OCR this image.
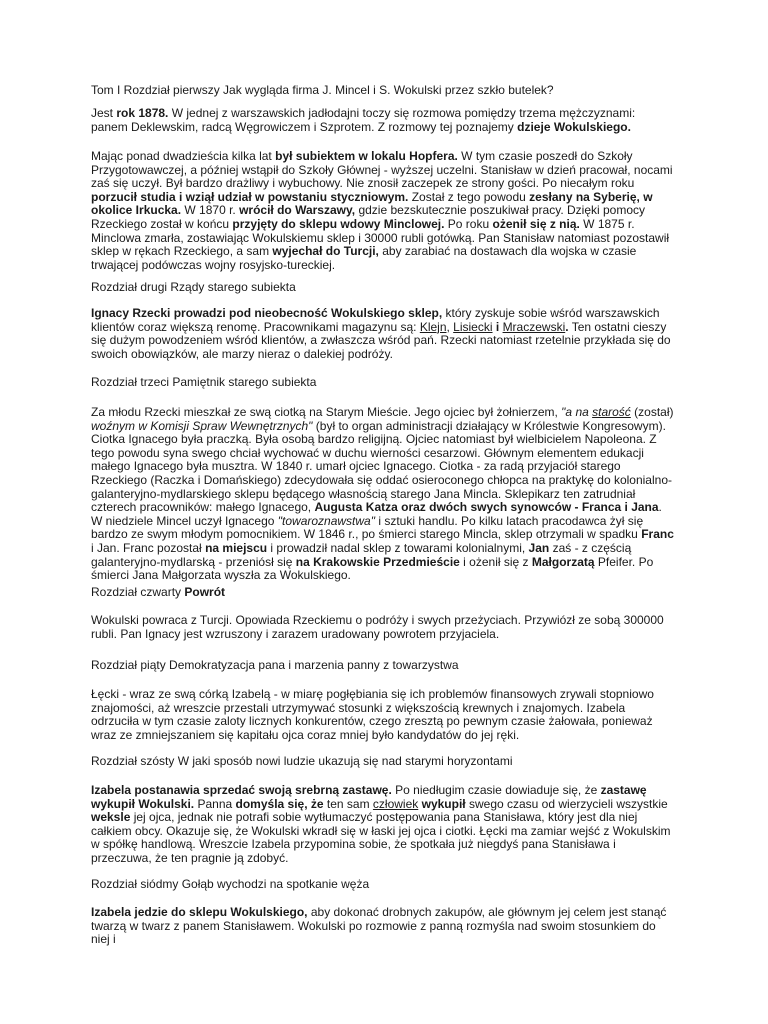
Tom I Rozdział pierwszy Jak wygląda firma J. Mincel i S. Wokulski przez szkło butelek?

Jest rok 1878. W jednej z warszawskich jadłodajni toczy się rozmowa pomiędzy trzema mężczyznami: panem Deklewskim, radcą Węgrowiczem i Szprotem. Z rozmowy tej poznajemy dzieje Wokulskiego.

Mając ponad dwadzieścia kilka lat był subiektem w lokalu Hopfera. W tym czasie poszedł do Szkoły Przygotowawczej, a później wstąpił do Szkoły Głównej - wyższej uczelni. Stanisław w dzień pracował, nocami zaś się uczył. Był bardzo drażliwy i wybuchowy. Nie znosił zaczepek ze strony gości. Po niecałym roku porzucił studia i wziął udział w powstaniu styczniowym. Został z tego powodu zesłany na Syberię, w okolice Irkucka. W 1870 r. wrócił do Warszawy, gdzie bezskutecznie poszukiwał pracy. Dzięki pomocy Rzeckiego został w końcu przyjęty do sklepu wdowy Minclowej. Po roku ożenił się z nią. W 1875 r. Minclowa zmarła, zostawiając Wokulskiemu sklep i 30000 rubli gotówką. Pan Stanisław natomiast pozostawił sklep w rękach Rzeckiego, a sam wyjechał do Turcji, aby zarabiać na dostawach dla wojska w czasie trwającej podówczas wojny rosyjsko-tureckiej.

Rozdział drugi Rządy starego subiekta

Ignacy Rzecki prowadzi pod nieobecność Wokulskiego sklep, który zyskuje sobie wśród warszawskich klientów coraz większą renomę. Pracownikami magazynu są: Klejn, Lisiecki i Mraczewski. Ten ostatni cieszy się dużym powodzeniem wśród klientów, a zwłaszcza wśród pań. Rzecki natomiast rzetelnie przykłada się do swoich obowiązków, ale marzy nieraz o dalekiej podróży.

Rozdział trzeci Pamiętnik starego subiekta

Za młodu Rzecki mieszkał ze swą ciotką na Starym Mieście. Jego ojciec był żołnierzem, "a na starość (został) woźnym w Komisji Spraw Wewnętrznych" (był to organ administracji działający w Królestwie Kongresowym). Ciotka Ignacego była praczką. Była osobą bardzo religijną. Ojciec natomiast był wielbicielem Napoleona. Z tego powodu syna swego chciał wychować w duchu wierności cesarzowi. Głównym elementem edukacji małego Ignacego była musztra. W 1840 r. umarł ojciec Ignacego. Ciotka - za radą przyjaciół starego Rzeckiego (Raczka i Domańskiego) zdecydowała się oddać osieroconego chłopca na praktykę do kolonialno-galanteryjno-mydlarskiego sklepu będącego własnością starego Jana Mincla. Sklepikarz ten zatrudniał czterech pracowników: małego Ignacego, Augusta Katza oraz dwóch swych synowców - Franca i Jana. W niedziele Mincel uczył Ignacego "towaroznawstwa" i sztuki handlu. Po kilku latach pracodawca żył się bardzo ze swym młodym pomocnikiem. W 1846 r., po śmierci starego Mincla, sklep otrzymali w spadku Franc i Jan. Franc pozostał na miejscu i prowadził nadal sklep z towarami kolonialnymi, Jan zaś - z częścią galanteryjno-mydlarską - przeniósł się na Krakowskie Przedmieście i ożenił się z Małgorzatą Pfeifer. Po śmierci Jana Małgorzata wyszła za Wokulskiego.

Rozdział czwarty Powrót

Wokulski powraca z Turcji. Opowiada Rzeckiemu o podróży i swych przeżyciach. Przywiózł ze sobą 300000 rubli. Pan Ignacy jest wzruszony i zarazem uradowany powrotem przyjaciela.

Rozdział piąty Demokratyzacja pana i marzenia panny z towarzystwa

Łęcki - wraz ze swą córką Izabelą - w miarę pogłębiania się ich problemów finansowych zrywali stopniowo znajomości, aż wreszcie przestali utrzymywać stosunki z większością krewnych i znajomych. Izabela odrzuciła w tym czasie zaloty licznych konkurentów, czego zresztą po pewnym czasie żałowała, ponieważ wraz ze zmniejszaniem się kapitału ojca coraz mniej było kandydatów do jej ręki.

Rozdział szósty W jaki sposób nowi ludzie ukazują się nad starymi horyzontami

Izabela postanawia sprzedać swoją srebrną zastawę. Po niedługim czasie dowiaduje się, że zastawę wykupił Wokulski. Panna domyśla się, że ten sam człowiek wykupił swego czasu od wierzycieli wszystkie weksle jej ojca, jednak nie potrafi sobie wytłumaczyć postępowania pana Stanisława, który jest dla niej całkiem obcy. Okazuje się, że Wokulski wkradł się w łaski jej ojca i ciotki. Łęcki ma zamiar wejść z Wokulskim w spółkę handlową. Wreszcie Izabela przypomina sobie, że spotkała już niegdyś pana Stanisława i przeczuwa, że ten pragnie ją zdobyć.

Rozdział siódmy Gołąb wychodzi na spotkanie węża

Izabela jedzie do sklepu Wokulskiego, aby dokonać drobnych zakupów, ale głównym jej celem jest stanąć twarzą w twarz z panem Stanisławem. Wokulski po rozmowie z panną rozmyśla nad swoim stosunkiem do niej i
